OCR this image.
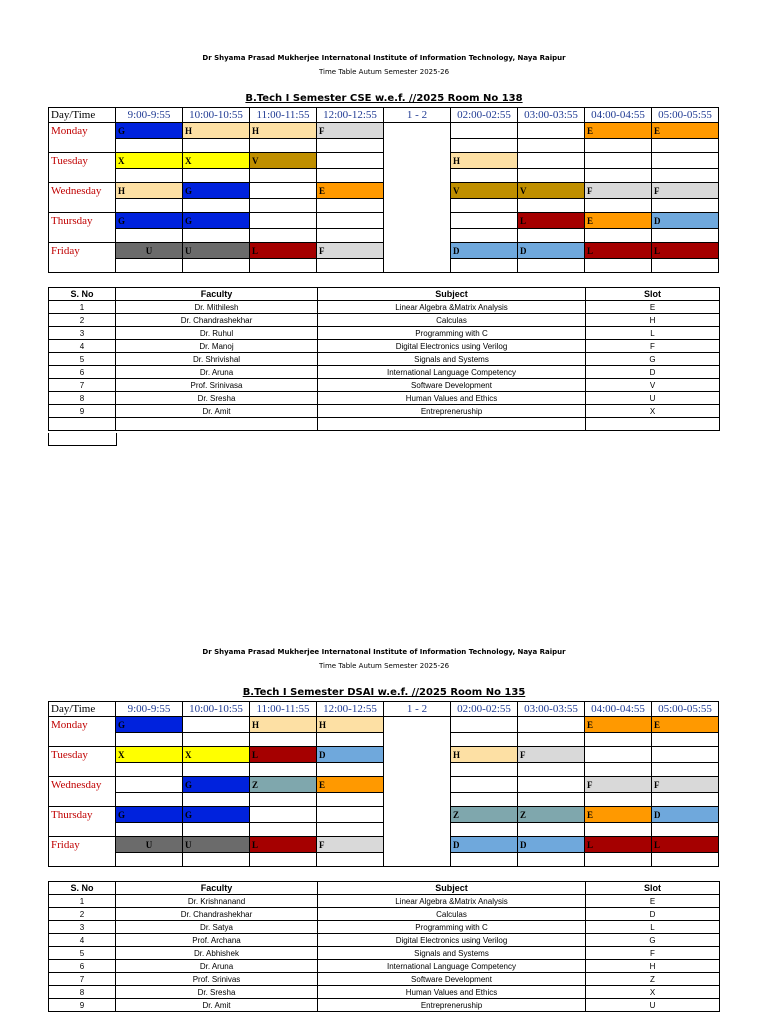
Dr Shyama Prasad Mukherjee Internatonal Institute of Information Technology, Naya Raipur
Time Table Autum Semester 2025-26
B.Tech I Semester CSE w.e.f. //2025 Room No 138
Day/Time	9:00-9:55	10:00-10:55	11:00-11:55	12:00-12:55	1 - 2	02:00-02:55	03:00-03:55	04:00-04:55	05:00-05:55
Monday	G	H	H	F				E	E

Tuesday	X	X	V			H			

Wednesday	H	G		E		V	V	F	F

Thursday	G	G					L	E	D

Friday	U	U	L	F		D	D	L	L

S. No	Faculty	Subject	Slot
1	Dr. Mithilesh	Linear Algebra &Matrix Analysis	E
2	Dr. Chandrashekhar	Calculas	H
3	Dr. Ruhul	Programming with C	L
4	Dr. Manoj	Digital Electronics using Verilog	F
5	Dr. Shrivishal	Signals and Systems	G
6	Dr. Aruna	International Language Competency	D
7	Prof. Srinivasa	Software Development	V
8	Dr. Sresha	Human Values and Ethics	U
9	Dr. Amit	Entrepreneruship	X

Dr Shyama Prasad Mukherjee Internatonal Institute of Information Technology, Naya Raipur
Time Table Autum Semester 2025-26
B.Tech I Semester DSAI w.e.f. //2025 Room No 135
Day/Time	9:00-9:55	10:00-10:55	11:00-11:55	12:00-12:55	1 - 2	02:00-02:55	03:00-03:55	04:00-04:55	05:00-05:55
Monday	G		H	H				E	E

Tuesday	X	X	L	D		H	F		

Wednesday		G	Z	E				F	F

Thursday	G	G				Z	Z	E	D

Friday	U	U	L	F		D	D	L	L

S. No	Faculty	Subject	Slot
1	Dr. Krishnanand	Linear Algebra &Matrix Analysis	E
2	Dr. Chandrashekhar	Calculas	D
3	Dr. Satya	Programming with C	L
4	Prof. Archana	Digital Electronics using Verilog	G
5	Dr. Abhishek	Signals and Systems	F
6	Dr. Aruna	International Language Competency	H
7	Prof. Srinivas	Software Development	Z
8	Dr. Sresha	Human Values and Ethics	X
9	Dr. Amit	Entrepreneruship	U
